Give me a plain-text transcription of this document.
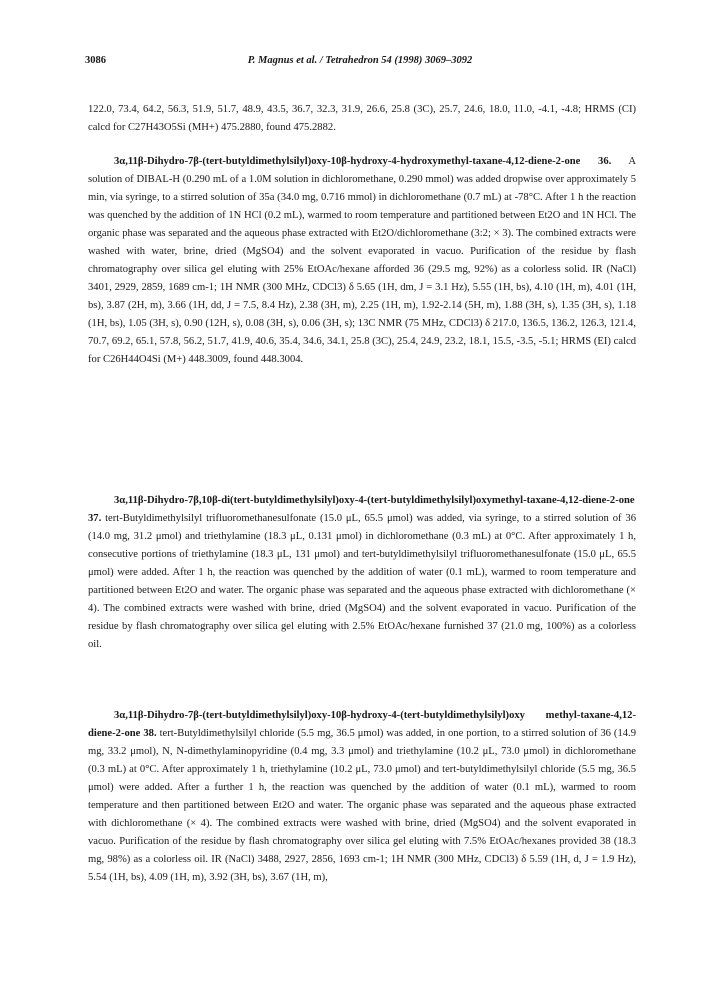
3086	P. Magnus et al. / Tetrahedron 54 (1998) 3069–3092

122.0, 73.4, 64.2, 56.3, 51.9, 51.7, 48.9, 43.5, 36.7, 32.3, 31.9, 26.6, 25.8 (3C), 25.7, 24.6, 18.0, 11.0, -4.1, -4.8; HRMS (CI) calcd for C27H43O5Si (MH+) 475.2880, found 475.2882.

3α,11β-Dihydro-7β-(tert-butyldimethylsilyl)oxy-10β-hydroxy-4-hydroxymethyl-taxane-4,12-diene-2-one 36. A solution of DIBAL-H (0.290 mL of a 1.0M solution in dichloromethane, 0.290 mmol) was added dropwise over approximately 5 min, via syringe, to a stirred solution of 35a (34.0 mg, 0.716 mmol) in dichloromethane (0.7 mL) at -78°C. After 1 h the reaction was quenched by the addition of 1N HCl (0.2 mL), warmed to room temperature and partitioned between Et2O and 1N HCl. The organic phase was separated and the aqueous phase extracted with Et2O/dichloromethane (3:2; × 3). The combined extracts were washed with water, brine, dried (MgSO4) and the solvent evaporated in vacuo. Purification of the residue by flash chromatography over silica gel eluting with 25% EtOAc/hexane afforded 36 (29.5 mg, 92%) as a colorless solid. IR (NaCl) 3401, 2929, 2859, 1689 cm-1; 1H NMR (300 MHz, CDCl3) δ 5.65 (1H, dm, J = 3.1 Hz), 5.55 (1H, bs), 4.10 (1H, m), 4.01 (1H, bs), 3.87 (2H, m), 3.66 (1H, dd, J = 7.5, 8.4 Hz), 2.38 (3H, m), 2.25 (1H, m), 1.92-2.14 (5H, m), 1.88 (3H, s), 1.35 (3H, s), 1.18 (1H, bs), 1.05 (3H, s), 0.90 (12H, s), 0.08 (3H, s), 0.06 (3H, s); 13C NMR (75 MHz, CDCl3) δ 217.0, 136.5, 136.2, 126.3, 121.4, 70.7, 69.2, 65.1, 57.8, 56.2, 51.7, 41.9, 40.6, 35.4, 34.6, 34.1, 25.8 (3C), 25.4, 24.9, 23.2, 18.1, 15.5, -3.5, -5.1; HRMS (EI) calcd for C26H44O4Si (M+) 448.3009, found 448.3004.

3α,11β-Dihydro-7β,10β-di(tert-butyldimethylsilyl)oxy-4-(tert-butyldimethylsilyl)oxymethyl-taxane-4,12-diene-2-one 37. tert-Butyldimethylsilyl trifluoromethanesulfonate (15.0 μL, 65.5 μmol) was added, via syringe, to a stirred solution of 36 (14.0 mg, 31.2 μmol) and triethylamine (18.3 μL, 0.131 μmol) in dichloromethane (0.3 mL) at 0°C. After approximately 1 h, consecutive portions of triethylamine (18.3 μL, 131 μmol) and tert-butyldimethylsilyl trifluoromethanesulfonate (15.0 μL, 65.5 μmol) were added. After 1 h, the reaction was quenched by the addition of water (0.1 mL), warmed to room temperature and partitioned between Et2O and water. The organic phase was separated and the aqueous phase extracted with dichloromethane (× 4). The combined extracts were washed with brine, dried (MgSO4) and the solvent evaporated in vacuo. Purification of the residue by flash chromatography over silica gel eluting with 2.5% EtOAc/hexane furnished 37 (21.0 mg, 100%) as a colorless oil.

3α,11β-Dihydro-7β-(tert-butyldimethylsilyl)oxy-10β-hydroxy-4-(tert-butyldimethylsilyl)oxy methyl-taxane-4,12-diene-2-one 38. tert-Butyldimethylsilyl chloride (5.5 mg, 36.5 μmol) was added, in one portion, to a stirred solution of 36 (14.9 mg, 33.2 μmol), N, N-dimethylaminopyridine (0.4 mg, 3.3 μmol) and triethylamine (10.2 μL, 73.0 μmol) in dichloromethane (0.3 mL) at 0°C. After approximately 1 h, triethylamine (10.2 μL, 73.0 μmol) and tert-butyldimethylsilyl chloride (5.5 mg, 36.5 μmol) were added. After a further 1 h, the reaction was quenched by the addition of water (0.1 mL), warmed to room temperature and then partitioned between Et2O and water. The organic phase was separated and the aqueous phase extracted with dichloromethane (× 4). The combined extracts were washed with brine, dried (MgSO4) and the solvent evaporated in vacuo. Purification of the residue by flash chromatography over silica gel eluting with 7.5% EtOAc/hexanes provided 38 (18.3 mg, 98%) as a colorless oil. IR (NaCl) 3488, 2927, 2856, 1693 cm-1; 1H NMR (300 MHz, CDCl3) δ 5.59 (1H, d, J = 1.9 Hz), 5.54 (1H, bs), 4.09 (1H, m), 3.92 (3H, bs), 3.67 (1H, m),
